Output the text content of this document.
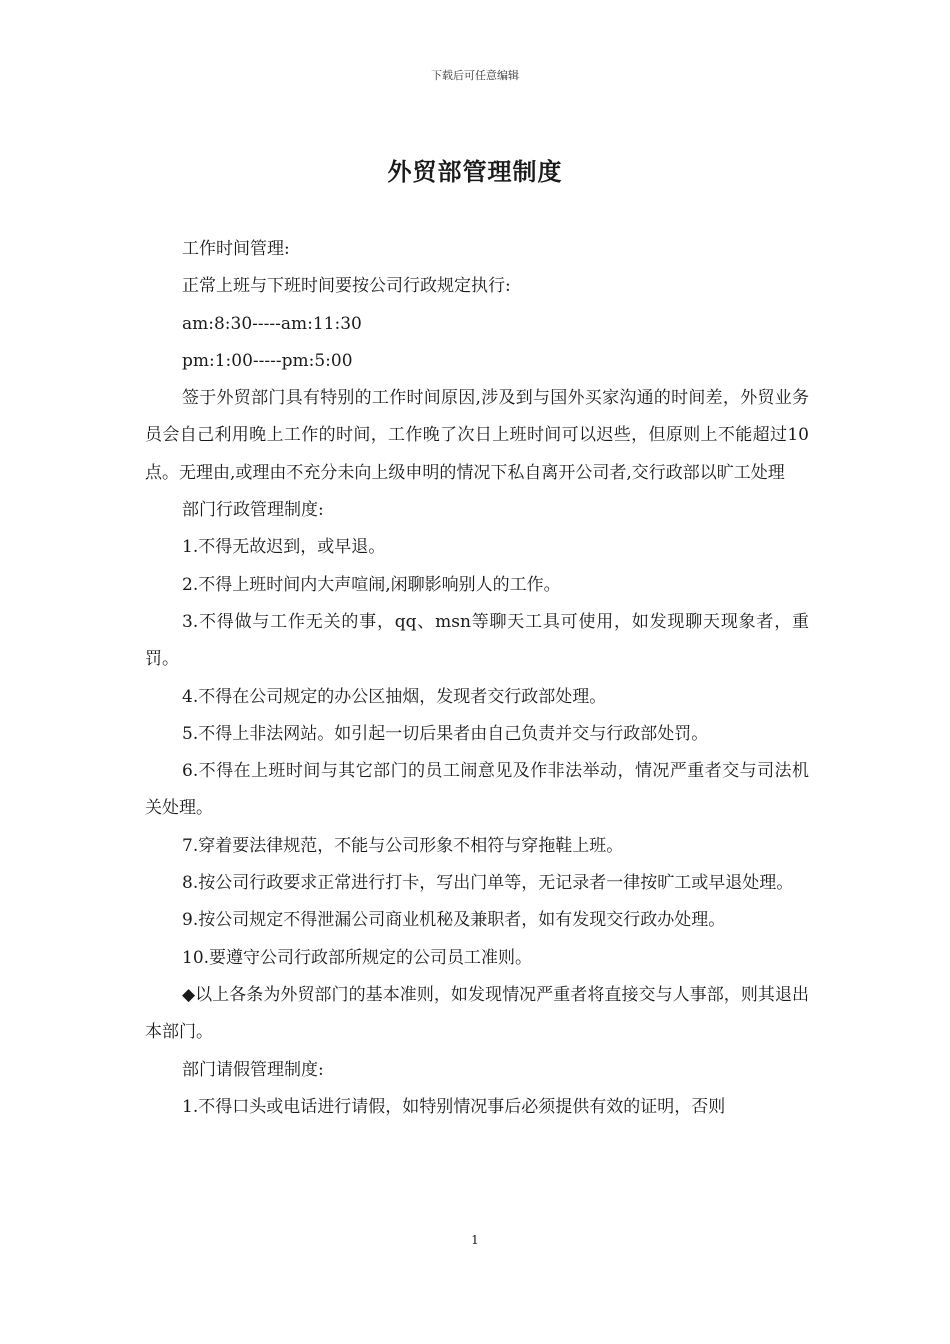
下载后可任意编辑
外贸部管理制度

工作时间管理:

正常上班与下班时间要按公司行政规定执行:

am:8:30-----am:11:30

pm:1:00-----pm:5:00

签于外贸部门具有特别的工作时间原因,涉及到与国外买家沟通的时间差，外贸业务员会自己利用晚上工作的时间，工作晚了次日上班时间可以迟些，但原则上不能超过10点。无理由,或理由不充分未向上级申明的情况下私自离开公司者,交行政部以旷工处理

部门行政管理制度:

1.不得无故迟到，或早退。

2.不得上班时间内大声喧闹,闲聊影响别人的工作。

3.不得做与工作无关的事，qq、msn等聊天工具可使用，如发现聊天现象者，重罚。

4.不得在公司规定的办公区抽烟，发现者交行政部处理。

5.不得上非法网站。如引起一切后果者由自己负责并交与行政部处罚。

6.不得在上班时间与其它部门的员工闹意见及作非法举动，情况严重者交与司法机关处理。

7.穿着要法律规范，不能与公司形象不相符与穿拖鞋上班。

8.按公司行政要求正常进行打卡，写出门单等，无记录者一律按旷工或早退处理。

9.按公司规定不得泄漏公司商业机秘及兼职者，如有发现交行政办处理。

10.要遵守公司行政部所规定的公司员工准则。

◆以上各条为外贸部门的基本准则，如发现情况严重者将直接交与人事部，则其退出本部门。

部门请假管理制度:

1.不得口头或电话进行请假，如特别情况事后必须提供有效的证明，否则

1
